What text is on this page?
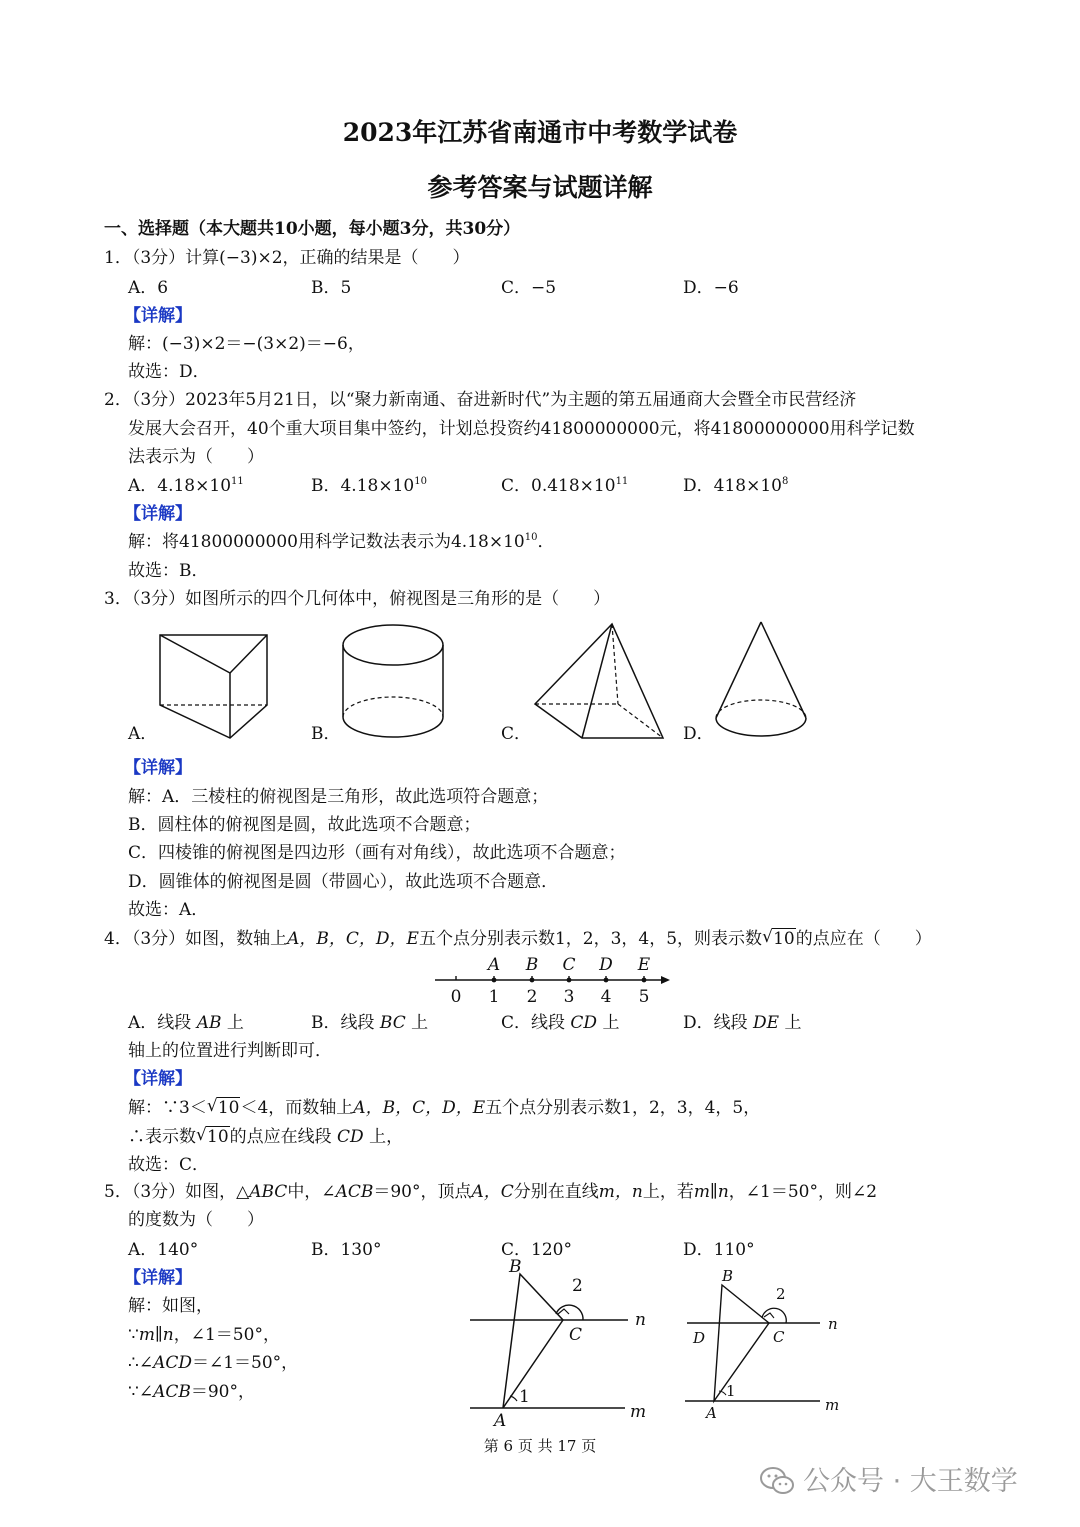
2023年江苏省南通市中考数学试卷
参考答案与试题详解
一、选择题（本大题共10小题，每小题3分，共30分）
1．（3分）计算(−3)×2，正确的结果是（　　）
A．6	B．5	C．−5	D．−6
【详解】
解：(−3)×2＝−(3×2)＝−6，
故选：D．
2．（3分）2023年5月21日，以“聚力新南通、奋进新时代”为主题的第五届通商大会暨全市民营经济
发展大会召开，40个重大项目集中签约，计划总投资约41800000000元，将41800000000用科学记数
法表示为（　　）
A．$4.18\times 10^{11}$	B．$4.18\times 10^{10}$	C．$0.418\times 10^{11}$	D．$418\times 10^8$
【详解】
解：将41800000000用科学记数法表示为$4.18\times 10^{10}$．
故选：B．
3．（3分）如图所示的四个几何体中，俯视图是三角形的是（　　）
A．	B．	C．	D．
【详解】
解：A．三棱柱的俯视图是三角形，故此选项符合题意；
B．圆柱体的俯视图是圆，故此选项不合题意；
C．四棱锥的俯视图是四边形（画有对角线），故此选项不合题意；
D．圆锥体的俯视图是圆（带圆心），故此选项不合题意．
故选：A．
4．（3分）如图，数轴上A，B，C，D，E五个点分别表示数1，2，3，4，5，则表示数 √ 10的点应在（　　）
A B C D E
0 1 2 3 4 5
A．线段 AB 上	B．线段 BC 上	C．线段 CD 上	D．线段 DE 上
轴上的位置进行判断即可．
【详解】
解：∵3＜ √ 10＜4，而数轴上A，B，C，D，E五个点分别表示数1，2，3，4，5，
∴表示数 √ 10的点应在线段 CD 上，
故选：C．
5．（3分）如图，△ABC中，∠ACB＝90°，顶点A，C分别在直线m，n上，若m∥n，∠1＝50°，则∠2
的度数为（　　）
A．140°	B．130°	C．120°	D．110°
【详解】
解：如图，
∵m∥n，∠1＝50°，
∴∠ACD＝∠1＝50°，
∵∠ACB＝90°，
B
2
C
n
A
1
m
B
2
D	C
n
1
A	m
第 6 页 共 17 页
公众号 · 大王数学
